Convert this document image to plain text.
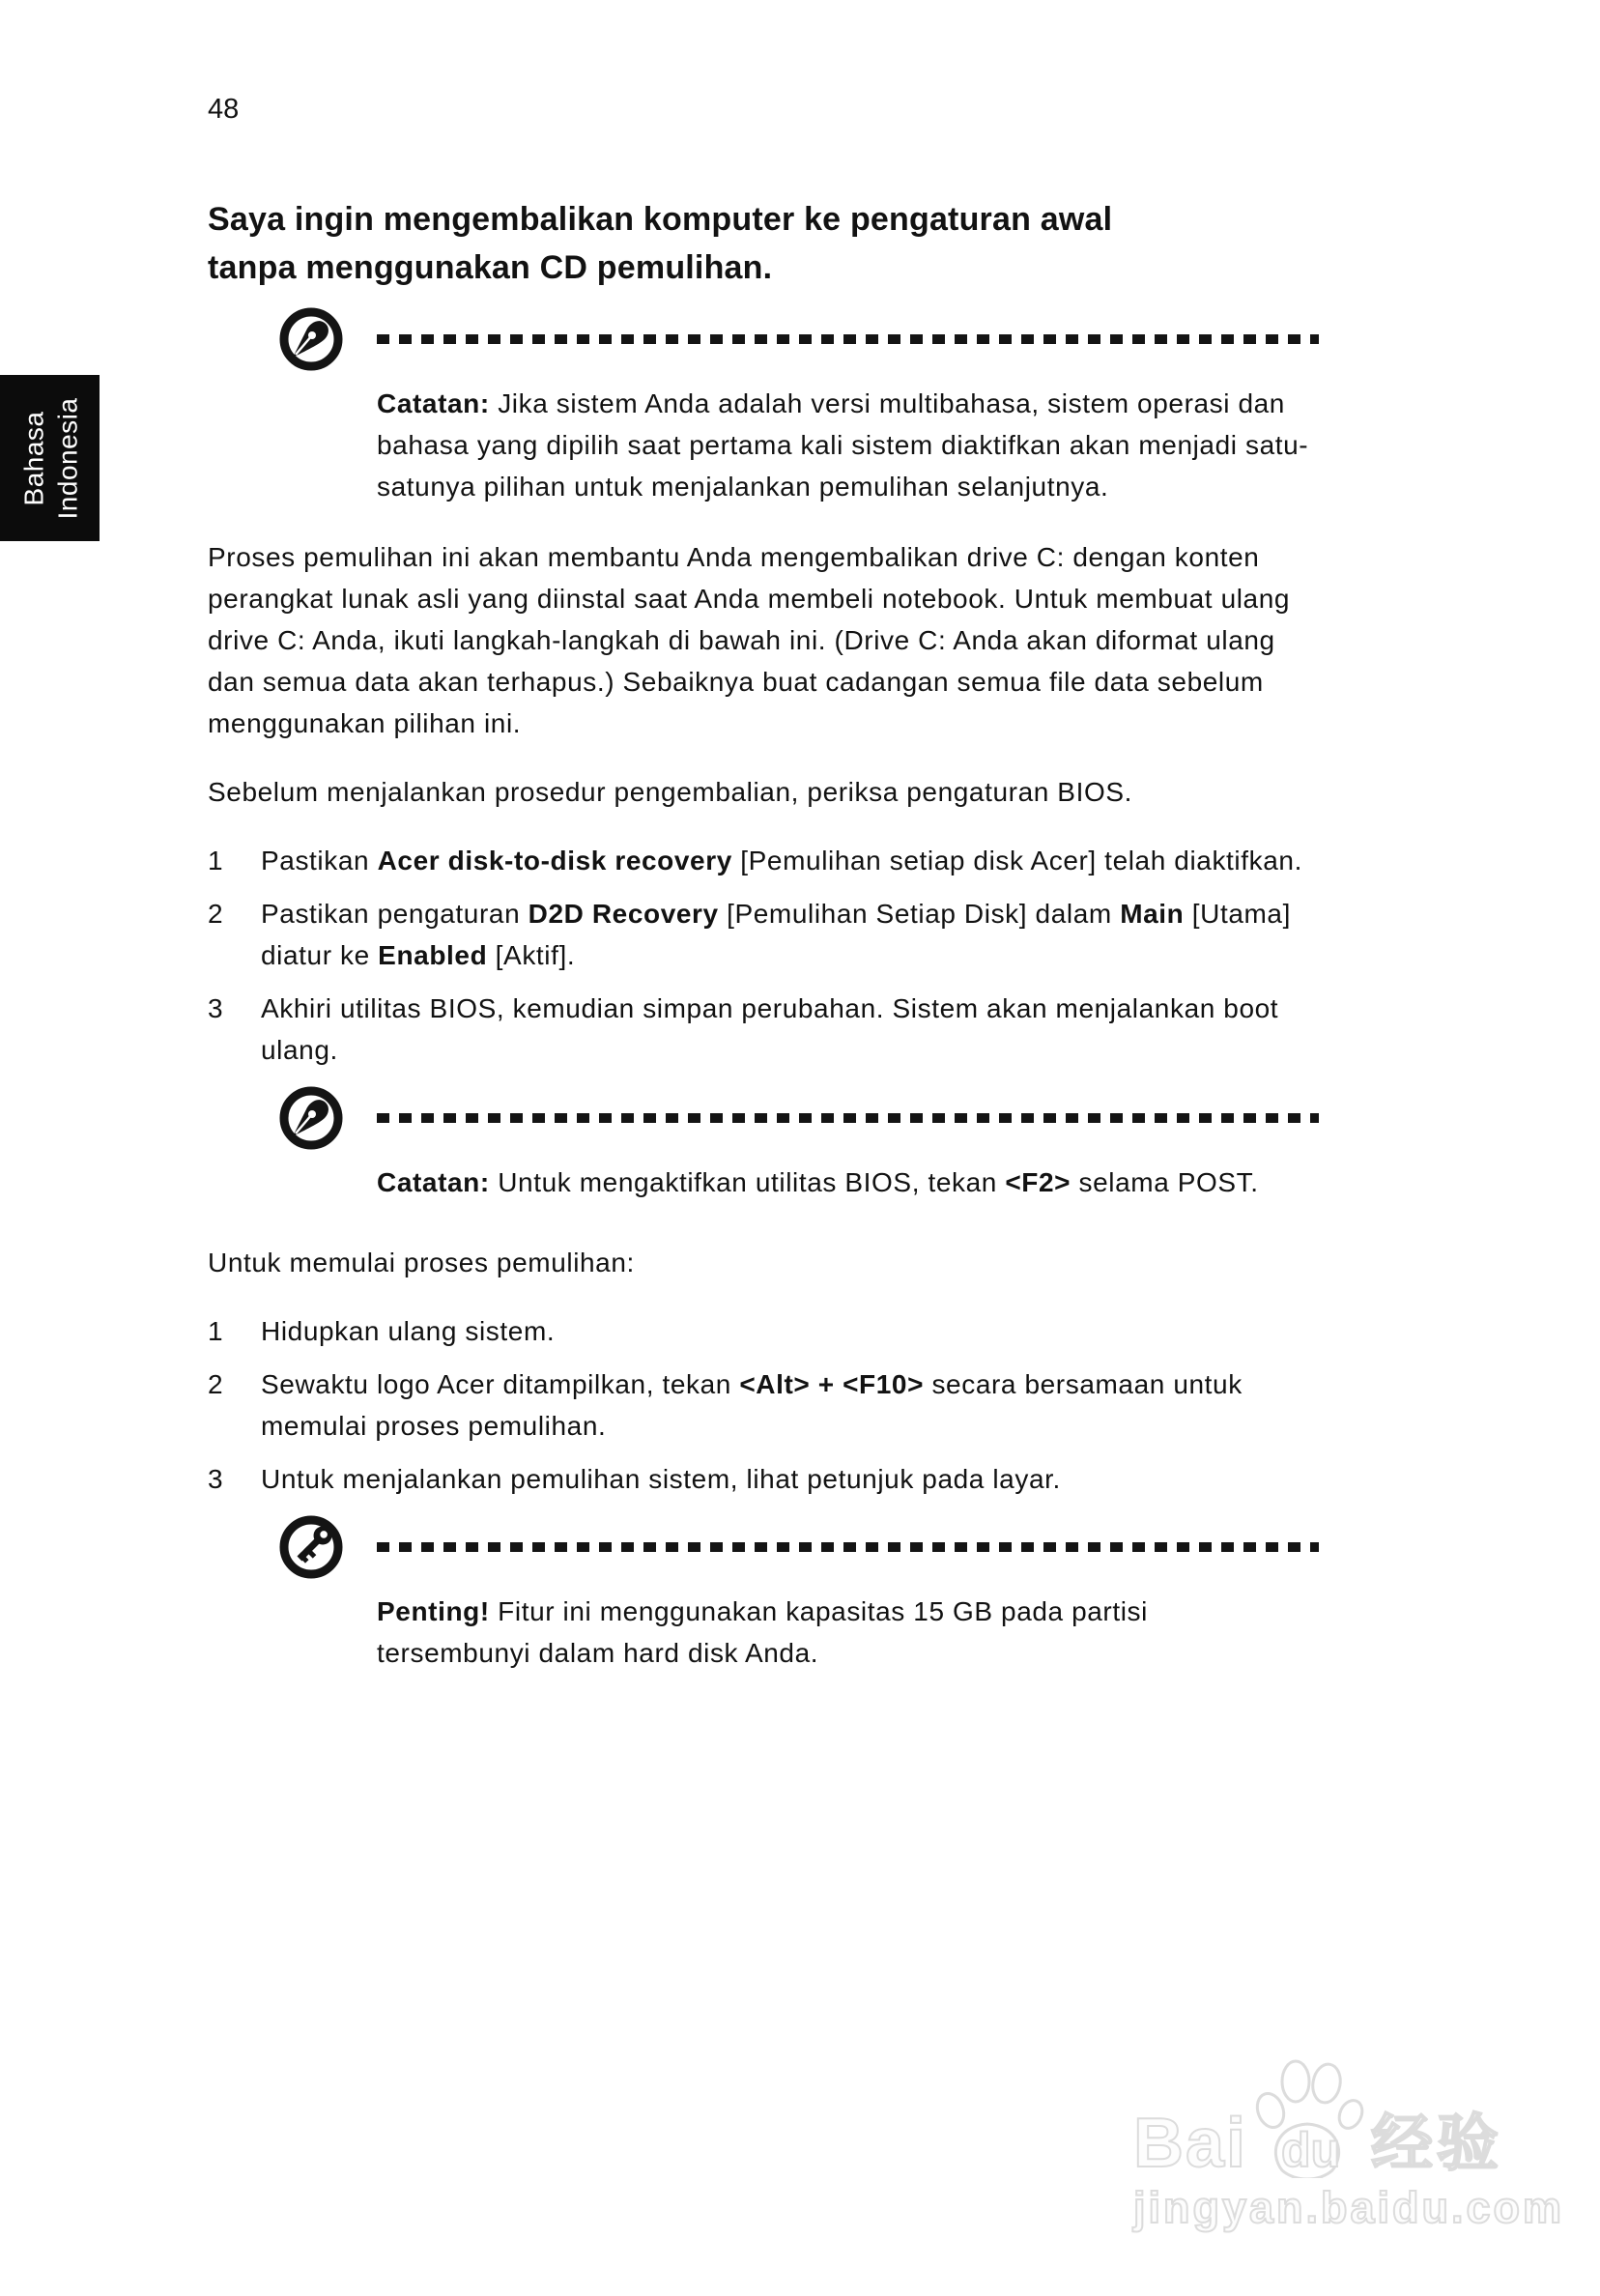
Bahasa Indonesia
48
Saya ingin mengembalikan komputer ke pengaturan awal tanpa menggunakan CD pemulihan.
Catatan: Jika sistem Anda adalah versi multibahasa, sistem operasi dan bahasa yang dipilih saat pertama kali sistem diaktifkan akan menjadi satu-satunya pilihan untuk menjalankan pemulihan selanjutnya.

Proses pemulihan ini akan membantu Anda mengembalikan drive C: dengan konten perangkat lunak asli yang diinstal saat Anda membeli notebook. Untuk membuat ulang drive C: Anda, ikuti langkah-langkah di bawah ini. (Drive C: Anda akan diformat ulang dan semua data akan terhapus.) Sebaiknya buat cadangan semua file data sebelum menggunakan pilihan ini.

Sebelum menjalankan prosedur pengembalian, periksa pengaturan BIOS.

1	Pastikan Acer disk-to-disk recovery [Pemulihan setiap disk Acer] telah diaktifkan.
2	Pastikan pengaturan D2D Recovery [Pemulihan Setiap Disk] dalam Main [Utama] diatur ke Enabled [Aktif].
3	Akhiri utilitas BIOS, kemudian simpan perubahan. Sistem akan menjalankan boot ulang.
Catatan: Untuk mengaktifkan utilitas BIOS, tekan <F2> selama POST.

Untuk memulai proses pemulihan:

1	Hidupkan ulang sistem.
2	Sewaktu logo Acer ditampilkan, tekan <Alt> + <F10> secara bersamaan untuk memulai proses pemulihan.
3	Untuk menjalankan pemulihan sistem, lihat petunjuk pada layar.
Penting! Fitur ini menggunakan kapasitas 15 GB pada partisi tersembunyi dalam hard disk Anda.
Bai du 经验
jingyan.baidu.com
